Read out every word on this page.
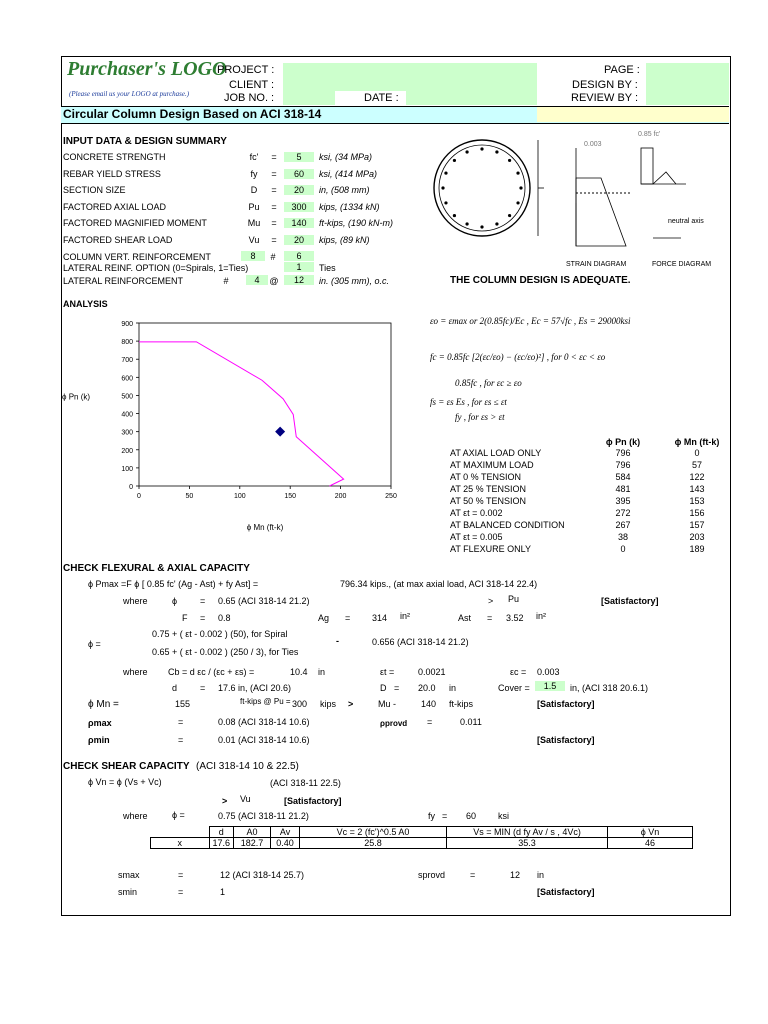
Purchaser's LOGO
(Please email us your LOGO at purchase.)
PROJECT :
CLIENT :
JOB NO. :	DATE :
PAGE :
DESIGN BY :
REVIEW BY :
Circular Column Design Based on ACI 318-14
INPUT DATA & DESIGN SUMMARY
CONCRETE STRENGTH	fc'	=	5	ksi, (34 MPa)
REBAR YIELD STRESS	fy	=	60	ksi, (414 MPa)
SECTION SIZE	D	=	20	in, (508 mm)
FACTORED AXIAL LOAD	Pu	=	300	kips, (1334 kN)
FACTORED MAGNIFIED MOMENT	Mu	=	140	ft-kips, (190 kN-m)
FACTORED SHEAR LOAD	Vu	=	20	kips, (89 kN)
COLUMN VERT. REINFORCEMENT	8	#	6
LATERAL REINF. OPTION (0=Spirals, 1=Ties)	1	Ties
LATERAL REINFORCEMENT	#	4	@	12	in. (305 mm), o.c.
0.003
0.85 fc'
neutral axis
STRAIN DIAGRAM	FORCE DIAGRAM
THE COLUMN DESIGN IS ADEQUATE.
ANALYSIS
εo = εmax or 2(0.85fc)/Ec , Ec = 57√fc , Es = 29000ksi
fc = 0.85fc [2(εc/εo) − (εc/εo)²] , for 0 < εc < εo
0.85fc , for εc ≥ εo
fs = εs Es , for εs ≤ εt
fy , for εs > εt
0
100
200
300
400
500
600
700
800
900
0	50	100	150	200	250
ϕ Pn (k)
ϕ Mn (ft-k)
ϕ Pn (k)	ϕ Mn (ft-k)
AT AXIAL LOAD ONLY	796	0
AT MAXIMUM LOAD	796	57
AT 0 % TENSION	584	122
AT 25 % TENSION	481	143
AT 50 % TENSION	395	153
AT εt = 0.002	272	156
AT BALANCED CONDITION	267	157
AT εt = 0.005	38	203
AT FLEXURE ONLY	0	189
CHECK FLEXURAL & AXIAL CAPACITY
ϕ Pmax =F ϕ [ 0.85 fc' (Ag - Ast) + fy Ast] =	796.34 kips., (at max axial load, ACI 318-14 22.4)
where	ϕ	= 0.65 (ACI 318-14 21.2)	> Pu	[Satisfactory]
F = 0.8	Ag = 314 in²	Ast = 3.52 in²
ϕ =
0.75 + ( εt - 0.002 ) (50), for Spiral
0.65 + ( εt - 0.002 ) (250 / 3), for Ties
-	0.656 (ACI 318-14 21.2)
where Cb = d εc / (εc + εs) =	10.4 in	εt =	0.0021	εc = 0.003
d	= 17.6 in, (ACI 20.6)	D = 20.0 in	Cover =	1.5	in, (ACI 318 20.6.1)
ϕ Mn =	155	ft-kips @ Pu = 300 kips >	Mu -	140 ft-kips	[Satisfactory]
ρmax	=	0.08 (ACI 318-14 10.6)	ρprovd =	0.011
ρmin	=	0.01 (ACI 318-14 10.6)	[Satisfactory]
CHECK SHEAR CAPACITY (ACI 318-14 10 & 22.5)
ϕ Vn = ϕ (Vs + Vc)	(ACI 318-11 22.5)
> Vu	[Satisfactory]
where	ϕ =	0.75 (ACI 318-11 21.2)	fy = 60 ksi
	d	A0	Av	Vc = 2 (fc')^0.5 A0	Vs = MIN (d fy Av / s , 4Vc)	ϕ Vn
x	17.6	182.7	0.40	25.8	35.3	46
smax	=	12 (ACI 318-14 25.7)	sprovd	=	12 in
smin	=	1	[Satisfactory]
